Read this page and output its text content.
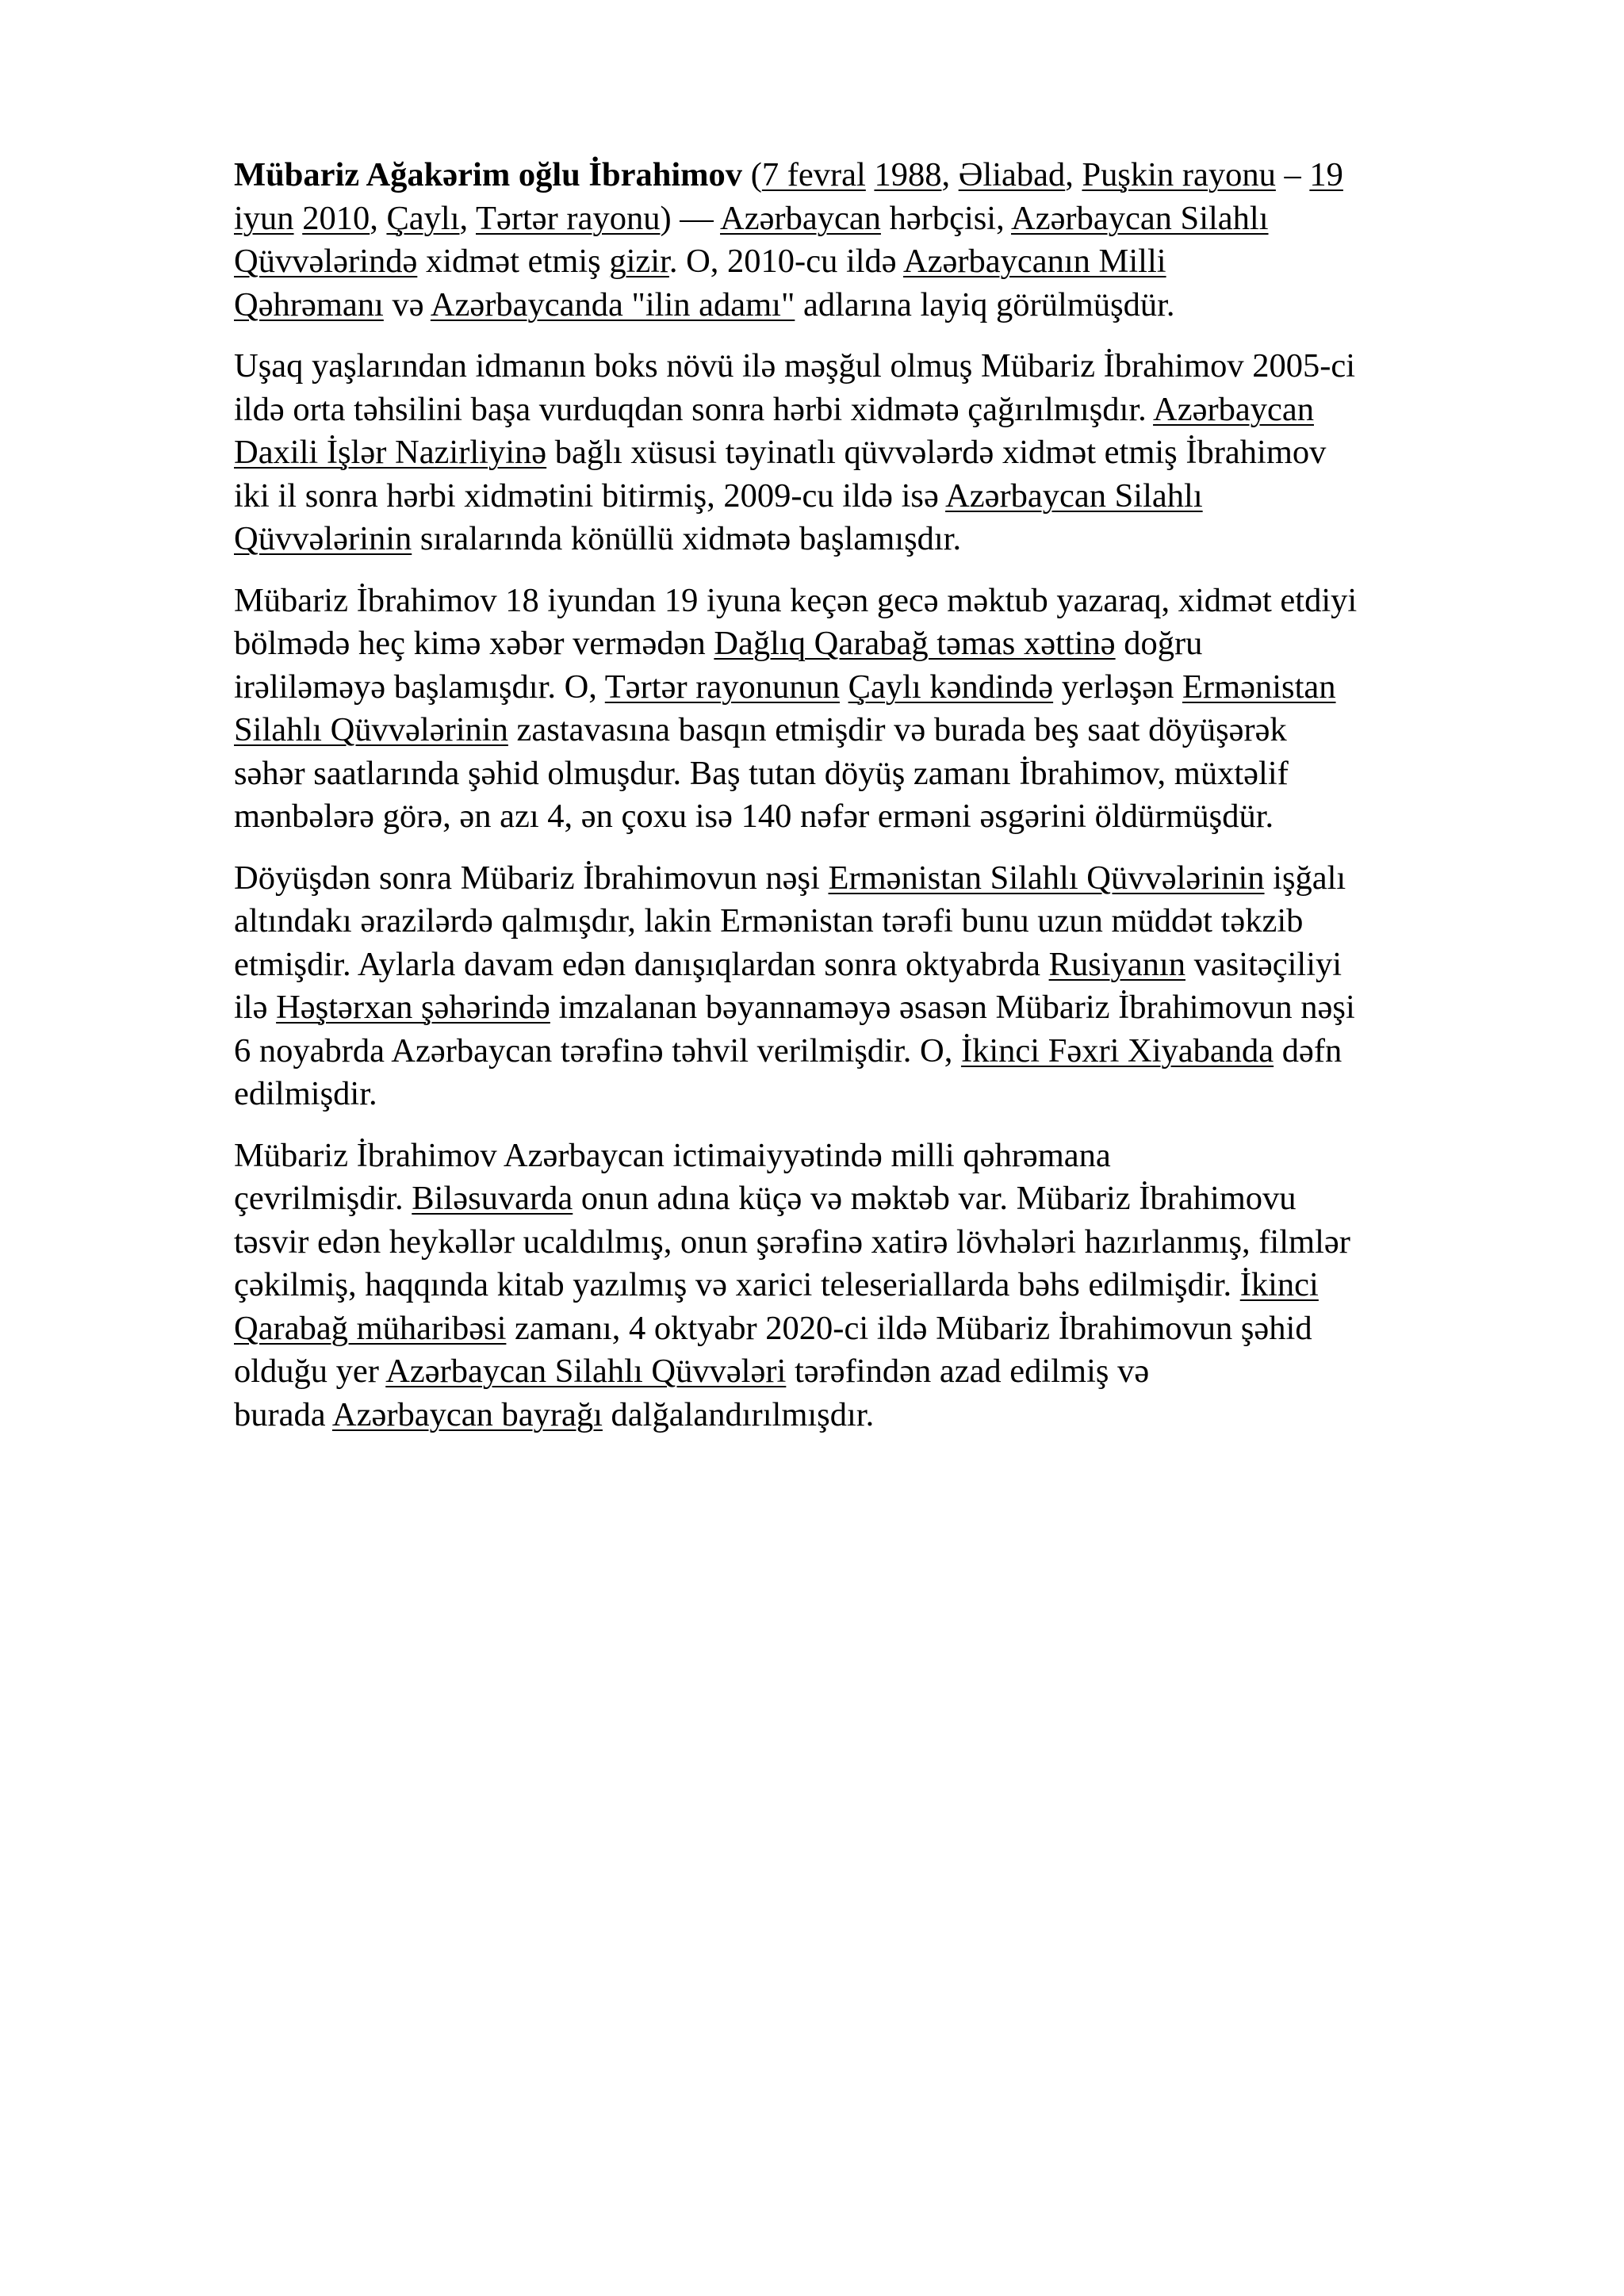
Mübariz Ağakərim oğlu İbrahimov (7 fevral 1988, Əliabad, Puşkin rayonu – 19
iyun 2010, Çaylı, Tərtər rayonu) — Azərbaycan hərbçisi, Azərbaycan Silahlı
Qüvvələrində xidmət etmiş gizir. O, 2010-cu ildə Azərbaycanın Milli
Qəhrəmanı və Azərbaycanda "ilin adamı" adlarına layiq görülmüşdür.

Uşaq yaşlarından idmanın boks növü ilə məşğul olmuş Mübariz İbrahimov 2005-ci
ildə orta təhsilini başa vurduqdan sonra hərbi xidmətə çağırılmışdır. Azərbaycan
Daxili İşlər Nazirliyinə bağlı xüsusi təyinatlı qüvvələrdə xidmət etmiş İbrahimov
iki il sonra hərbi xidmətini bitirmiş, 2009-cu ildə isə Azərbaycan Silahlı
Qüvvələrinin sıralarında könüllü xidmətə başlamışdır.

Mübariz İbrahimov 18 iyundan 19 iyuna keçən gecə məktub yazaraq, xidmət etdiyi
bölmədə heç kimə xəbər vermədən Dağlıq Qarabağ təmas xəttinə doğru
irəliləməyə başlamışdır. O, Tərtər rayonunun Çaylı kəndində yerləşən Ermənistan
Silahlı Qüvvələrinin zastavasına basqın etmişdir və burada beş saat döyüşərək
səhər saatlarında şəhid olmuşdur. Baş tutan döyüş zamanı İbrahimov, müxtəlif
mənbələrə görə, ən azı 4, ən çoxu isə 140 nəfər erməni əsgərini öldürmüşdür.

Döyüşdən sonra Mübariz İbrahimovun nəşi Ermənistan Silahlı Qüvvələrinin işğalı
altındakı ərazilərdə qalmışdır, lakin Ermənistan tərəfi bunu uzun müddət təkzib
etmişdir. Aylarla davam edən danışıqlardan sonra oktyabrda Rusiyanın vasitəçiliyi
ilə Həştərxan şəhərində imzalanan bəyannaməyə əsasən Mübariz İbrahimovun nəşi
6 noyabrda Azərbaycan tərəfinə təhvil verilmişdir. O, İkinci Fəxri Xiyabanda dəfn
edilmişdir.

Mübariz İbrahimov Azərbaycan ictimaiyyətində milli qəhrəmana
çevrilmişdir. Biləsuvarda onun adına küçə və məktəb var. Mübariz İbrahimovu
təsvir edən heykəllər ucaldılmış, onun şərəfinə xatirə lövhələri hazırlanmış, filmlər
çəkilmiş, haqqında kitab yazılmış və xarici teleseriallarda bəhs edilmişdir. İkinci
Qarabağ müharibəsi zamanı, 4 oktyabr 2020-ci ildə Mübariz İbrahimovun şəhid
olduğu yer Azərbaycan Silahlı Qüvvələri tərəfindən azad edilmiş və
burada Azərbaycan bayrağı dalğalandırılmışdır.
